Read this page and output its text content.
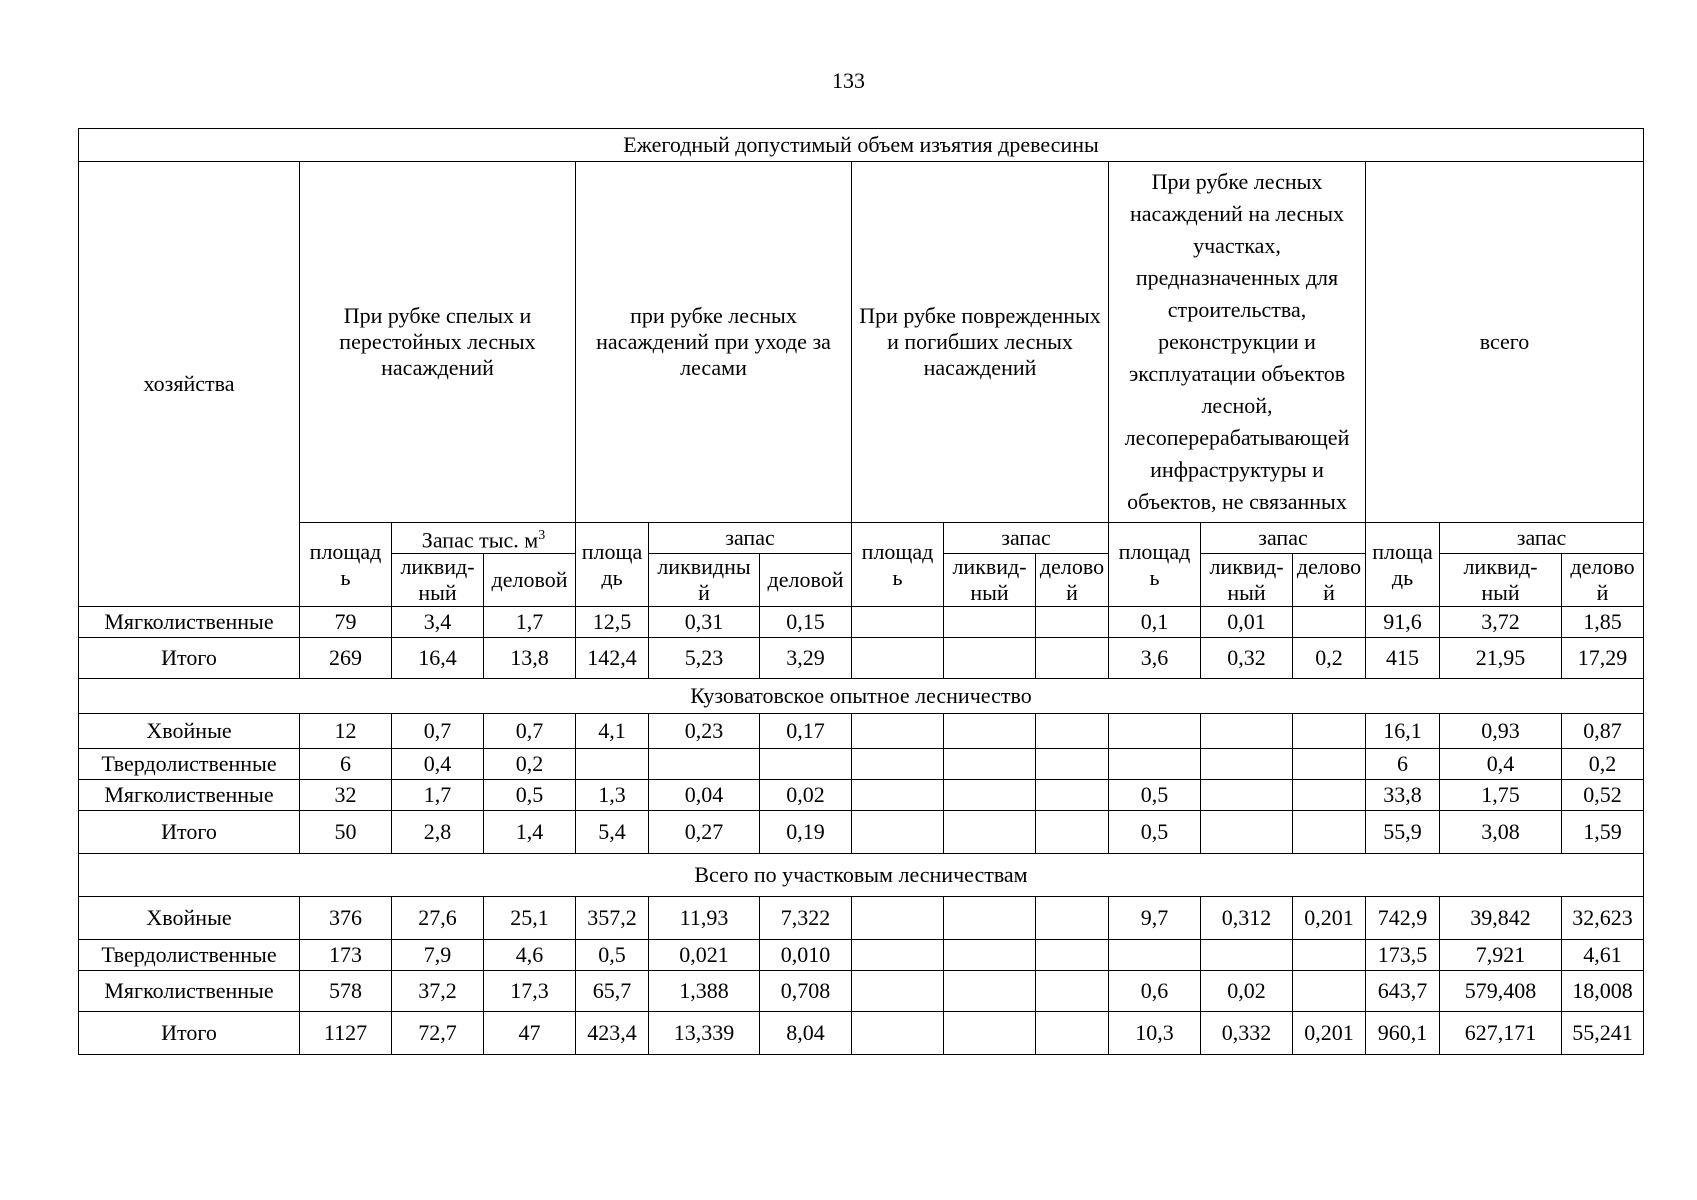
133
Ежегодный допустимый объем изъятия древесины															
хозяйства	При рубке спелых и перестойных лесных насаждений			при рубке лесных насаждений при уходе за лесами			При рубке поврежденных и погибших лесных насаждений			При рубке лесных насаждений на лесных участках, предназначенных для строительства, реконструкции и эксплуатации объектов лесной, лесоперерабатывающей инфраструктуры и объектов, не связанных			всего		
	площад ь	Запас тыс. $м^3$		площа дь	запас		площад ь	запас		площад ь	запас		площа дь	запас	
		ликвид- ный	деловой		ликвидны й	деловой		ликвид- ный	делово й		ликвид- ный	делово й		ликвид- ный	делово й
Мягколиственные	79	3,4	1,7	12,5	0,31	0,15				0,1	0,01		91,6	3,72	1,85
Итого	269	16,4	13,8	142,4	5,23	3,29				3,6	0,32	0,2	415	21,95	17,29
Кузоватовское опытное лесничество															
Хвойные	12	0,7	0,7	4,1	0,23	0,17							16,1	0,93	0,87
Твердолиственные	6	0,4	0,2										6	0,4	0,2
Мягколиственные	32	1,7	0,5	1,3	0,04	0,02				0,5			33,8	1,75	0,52
Итого	50	2,8	1,4	5,4	0,27	0,19				0,5			55,9	3,08	1,59
Всего по участковым лесничествам															
Хвойные	376	27,6	25,1	357,2	11,93	7,322				9,7	0,312	0,201	742,9	39,842	32,623
Твердолиственные	173	7,9	4,6	0,5	0,021	0,010							173,5	7,921	4,61
Мягколиственные	578	37,2	17,3	65,7	1,388	0,708				0,6	0,02		643,7	579,408	18,008
Итого	1127	72,7	47	423,4	13,339	8,04				10,3	0,332	0,201	960,1	627,171	55,241
